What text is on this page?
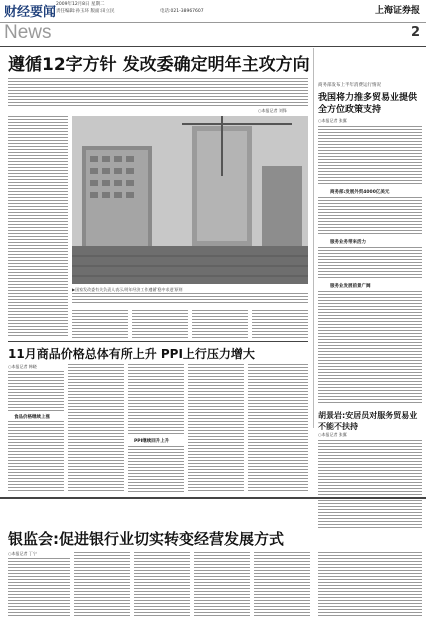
财经要闻
2009年12月8日 星期二
责任编辑:孙玉环 版面:田立民	电话:021-38967607	上海证券报
News	2
遵循12字方针 发改委确定明年主攻方向
○本报记者 刘锋
商务部发布上半年消费运行情况
我国将力推多贸易业提供全方位政策支持
○本报记者 张翼
商务部:发展外贸4000亿美元
服务业务带来活力
服务业发展前景广阔
胡景岩:安居员对服务贸易业不能不扶持
○本报记者 张翼
▶国家发改委有关负责人表示,明年经济工作遵循'稳中求进'原则
11月商品价格总体有所上升 PPI上行压力增大
○本报记者 韩晓
食品价格继续上涨
PPI继续回升上升
银监会:促进银行业切实转变经营发展方式
○本报记者 丁宁
